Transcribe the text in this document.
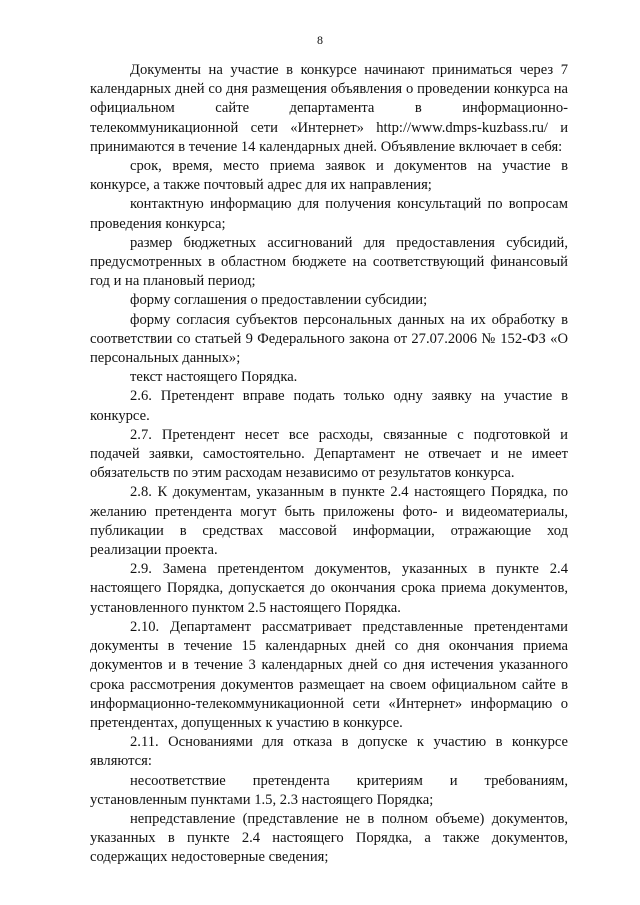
8

Документы на участие в конкурсе начинают приниматься через 7 календарных дней со дня размещения объявления о проведении конкурса на официальном сайте департамента в информационно-телекоммуникационной сети «Интернет» http://www.dmps-kuzbass.ru/ и принимаются в течение 14 календарных дней. Объявление включает в себя:

срок, время, место приема заявок и документов на участие в конкурсе, а также почтовый адрес для их направления;

контактную информацию для получения консультаций по вопросам проведения конкурса;

размер бюджетных ассигнований для предоставления субсидий, предусмотренных в областном бюджете на соответствующий финансовый год и на плановый период;

форму соглашения о предоставлении субсидии;

форму согласия субъектов персональных данных на их обработку в соответствии со статьей 9 Федерального закона от 27.07.2006 № 152-ФЗ «О персональных данных»;

текст настоящего Порядка.

2.6. Претендент вправе подать только одну заявку на участие в конкурсе.

2.7. Претендент несет все расходы, связанные с подготовкой и подачей заявки, самостоятельно. Департамент не отвечает и не имеет обязательств по этим расходам независимо от результатов конкурса.

2.8. К документам, указанным в пункте 2.4 настоящего Порядка, по желанию претендента могут быть приложены фото- и видеоматериалы, публикации в средствах массовой информации, отражающие ход реализации проекта.

2.9. Замена претендентом документов, указанных в пункте 2.4 настоящего Порядка, допускается до окончания срока приема документов, установленного пунктом 2.5 настоящего Порядка.

2.10. Департамент рассматривает представленные претендентами документы в течение 15 календарных дней со дня окончания приема документов и в течение 3 календарных дней со дня истечения указанного срока рассмотрения документов размещает на своем официальном сайте в информационно-телекоммуникационной сети «Интернет» информацию о претендентах, допущенных к участию в конкурсе.

2.11. Основаниями для отказа в допуске к участию в конкурсе являются:

несоответствие претендента критериям и требованиям, установленным пунктами 1.5, 2.3 настоящего Порядка;

непредставление (представление не в полном объеме) документов, указанных в пункте 2.4 настоящего Порядка, а также документов, содержащих недостоверные сведения;
